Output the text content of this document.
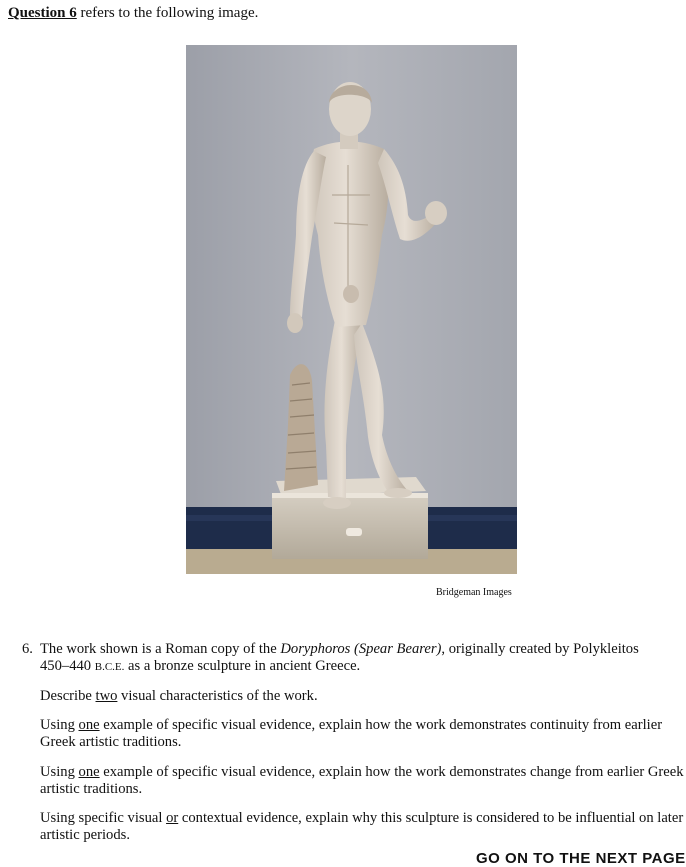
Question 6 refers to the following image.
Bridgeman Images
6. The work shown is a Roman copy of the Doryphoros (Spear Bearer), originally created by Polykleitos 450–440 B.C.E. as a bronze sculpture in ancient Greece.
Describe two visual characteristics of the work.
Using one example of specific visual evidence, explain how the work demonstrates continuity from earlier Greek artistic traditions.
Using one example of specific visual evidence, explain how the work demonstrates change from earlier Greek artistic traditions.
Using specific visual or contextual evidence, explain why this sculpture is considered to be influential on later artistic periods.
GO ON TO THE NEXT PAGE
